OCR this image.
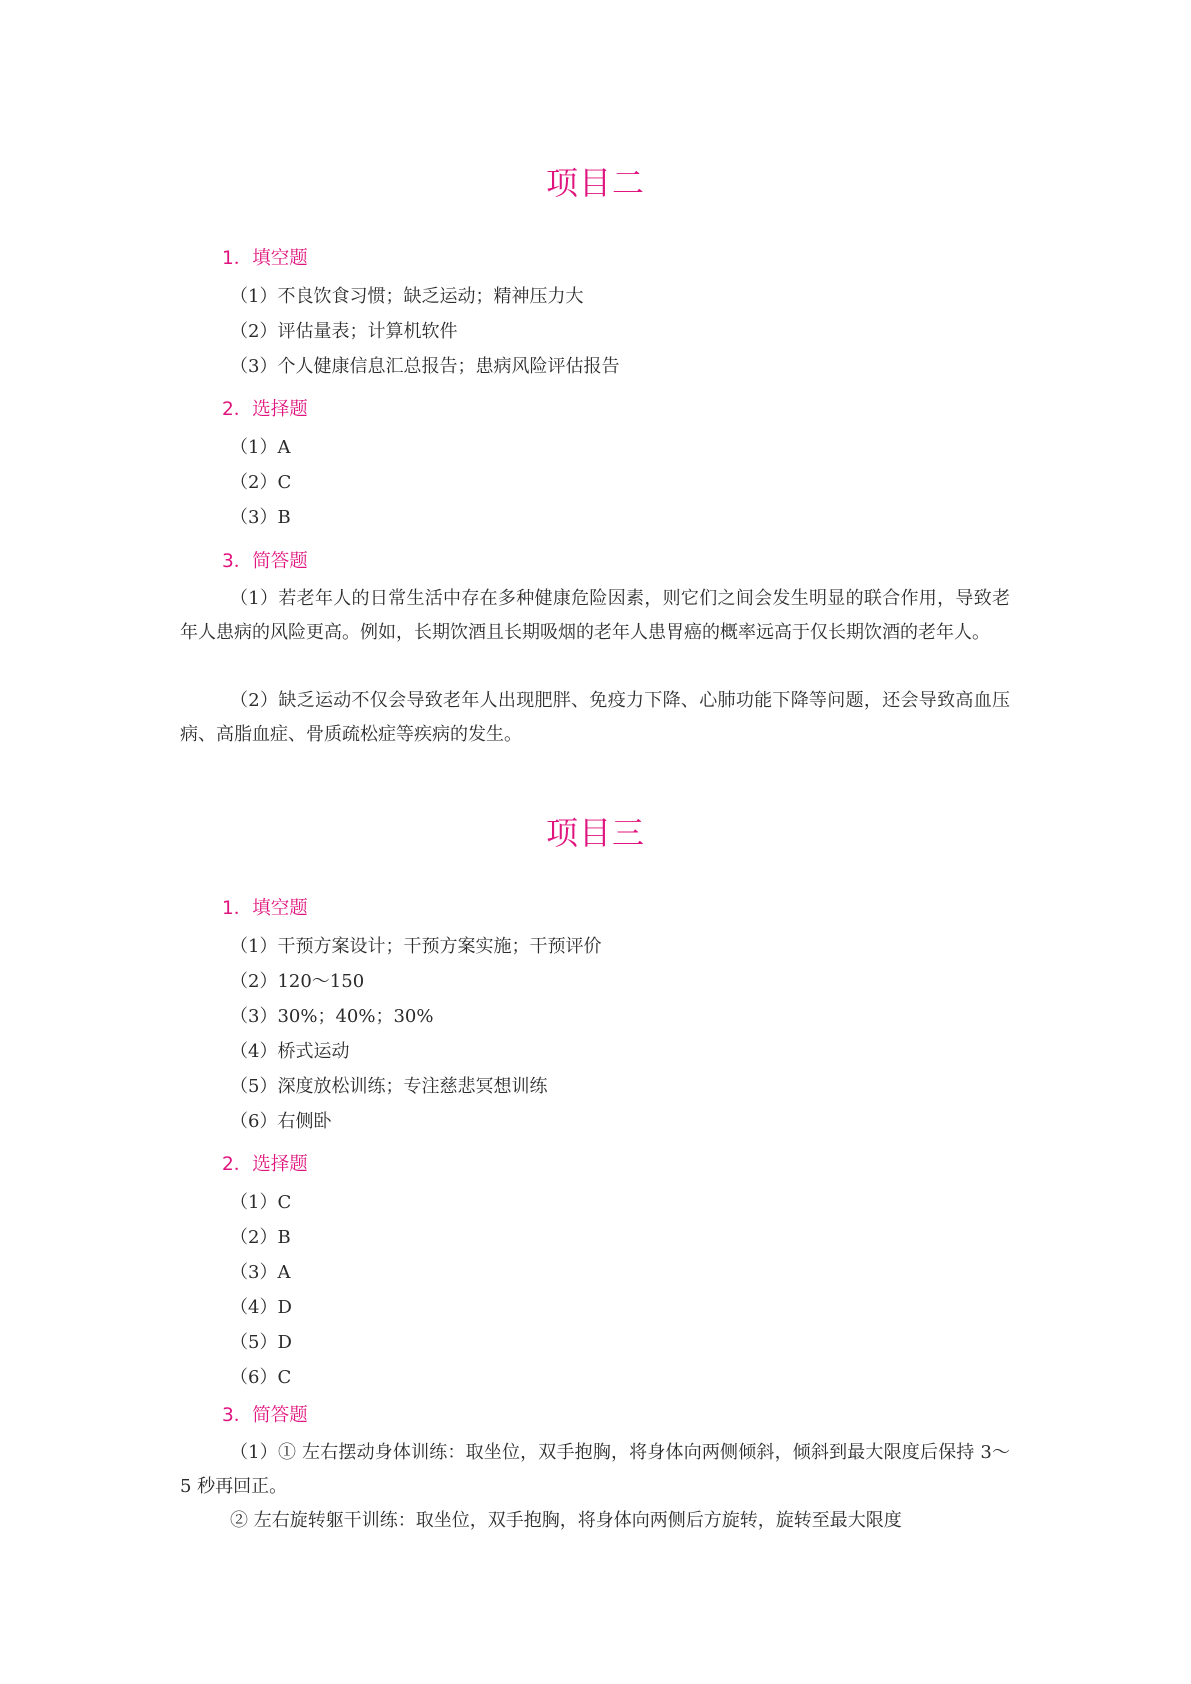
项目二
1．填空题

（1）不良饮食习惯；缺乏运动；精神压力大

（2）评估量表；计算机软件

（3）个人健康信息汇总报告；患病风险评估报告

2．选择题

（1）A

（2）C

（3）B

3．简答题

（1）若老年人的日常生活中存在多种健康危险因素，则它们之间会发生明显的联合作用，导致老年人患病的风险更高。例如，长期饮酒且长期吸烟的老年人患胃癌的概率远高于仅长期饮酒的老年人。

（2）缺乏运动不仅会导致老年人出现肥胖、免疫力下降、心肺功能下降等问题，还会导致高血压病、高脂血症、骨质疏松症等疾病的发生。

项目三
1．填空题

（1）干预方案设计；干预方案实施；干预评价

（2）120～150

（3）30%；40%；30%

（4）桥式运动

（5）深度放松训练；专注慈悲冥想训练

（6）右侧卧

2．选择题

（1）C

（2）B

（3）A

（4）D

（5）D

（6）C

3．简答题

（1）① 左右摆动身体训练：取坐位，双手抱胸，将身体向两侧倾斜，倾斜到最大限度后保持 3～5 秒再回正。

② 左右旋转躯干训练：取坐位，双手抱胸，将身体向两侧后方旋转，旋转至最大限度
